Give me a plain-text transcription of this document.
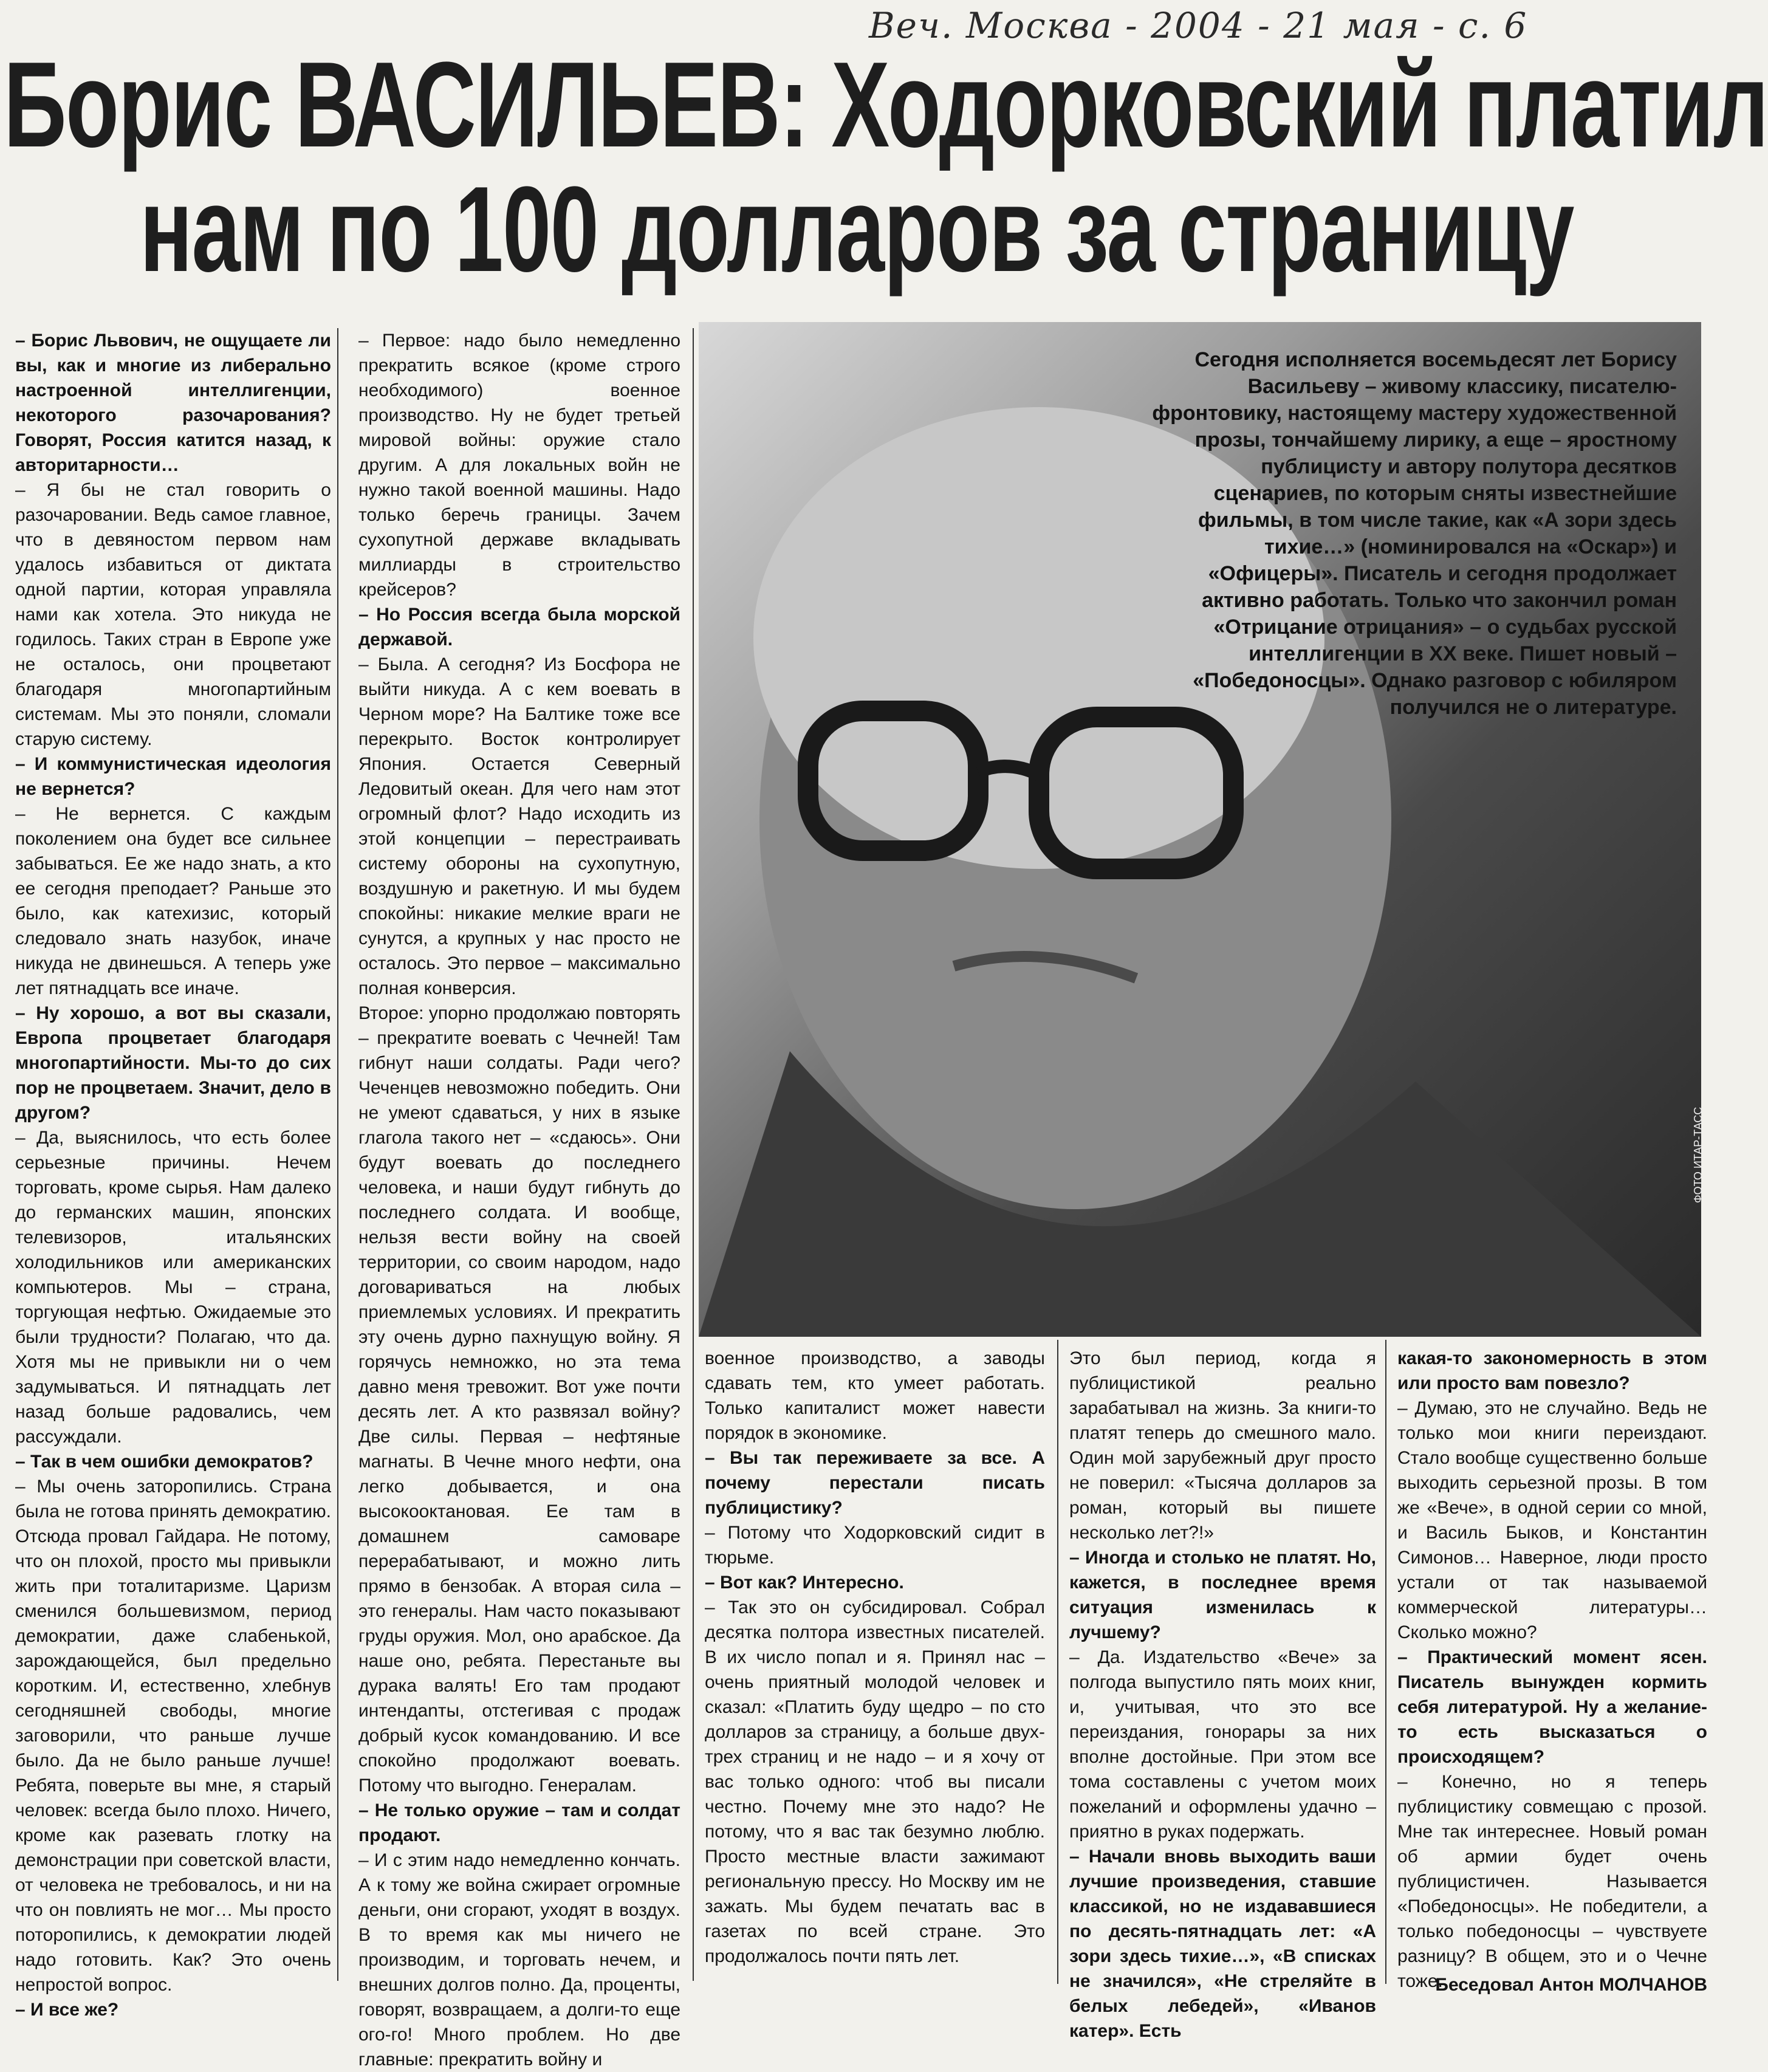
Веч. Москва - 2004 - 21 мая - с. 6
Борис ВАСИЛЬЕВ: Ходорковский платил
нам по 100 долларов за страницу

– Борис Львович, не ощущаете ли вы, как и многие из либерально настроенной интеллигенции, некоторого разочарования? Говорят, Россия катится назад, к авторитарности…

– Я бы не стал говорить о разочаровании. Ведь самое главное, что в девяностом первом нам удалось избавиться от диктата одной партии, которая управляла нами как хотела. Это никуда не годилось. Таких стран в Европе уже не осталось, они процветают благодаря многопартийным системам. Мы это поняли, сломали старую систему.

– И коммунистическая идеология не вернется?

– Не вернется. С каждым поколением она будет все сильнее забываться. Ее же надо знать, а кто ее сегодня преподает? Раньше это было, как катехизис, который следовало знать назубок, иначе никуда не двинешься. А теперь уже лет пятнадцать все иначе.

– Ну хорошо, а вот вы сказали, Европа процветает благодаря многопартийности. Мы-то до сих пор не процветаем. Значит, дело в другом?

– Да, выяснилось, что есть более серьезные причины. Нечем торговать, кроме сырья. Нам далеко до германских машин, японских телевизоров, итальянских холодильников или американских компьютеров. Мы – страна, торгующая нефтью. Ожидаемые это были трудности? Полагаю, что да. Хотя мы не привыкли ни о чем задумываться. И пятнадцать лет назад больше радовались, чем рассуждали.

– Так в чем ошибки демократов?

– Мы очень заторопились. Страна была не готова принять демократию. Отсюда провал Гайдара. Не потому, что он плохой, просто мы привыкли жить при тоталитаризме. Царизм сменился большевизмом, период демократии, даже слабенькой, зарождающейся, был предельно коротким. И, естественно, хлебнув сегодняшней свободы, многие заговорили, что раньше лучше было. Да не было раньше лучше! Ребята, поверьте вы мне, я старый человек: всегда было плохо. Ничего, кроме как разевать глотку на демонстрации при советской власти, от человека не требовалось, и ни на что он повлиять не мог… Мы просто поторопились, к демократии людей надо готовить. Как? Это очень непростой вопрос.

– И все же?

– Первое: надо было немедленно прекратить всякое (кроме строго необходимого) военное производство. Ну не будет третьей мировой войны: оружие стало другим. А для локальных войн не нужно такой военной машины. Надо только беречь границы. Зачем сухопутной державе вкладывать миллиарды в строительство крейсеров?

– Но Россия всегда была морской державой.

– Была. А сегодня? Из Босфора не выйти никуда. А с кем воевать в Черном море? На Балтике тоже все перекрыто. Восток контролирует Япония. Остается Северный Ледовитый океан. Для чего нам этот огромный флот? Надо исходить из этой концепции – перестраивать систему обороны на сухопутную, воздушную и ракетную. И мы будем спокойны: никакие мелкие враги не сунутся, а крупных у нас просто не осталось. Это первое – максимально полная конверсия.

Второе: упорно продолжаю повторять – прекратите воевать с Чечней! Там гибнут наши солдаты. Ради чего? Чеченцев невозможно победить. Они не умеют сдаваться, у них в языке глагола такого нет – «сдаюсь». Они будут воевать до последнего человека, и наши будут гибнуть до последнего солдата. И вообще, нельзя вести войну на своей территории, со своим народом, надо договариваться на любых приемлемых условиях. И прекратить эту очень дурно пахнущую войну. Я горячусь немножко, но эта тема давно меня тревожит. Вот уже почти десять лет. А кто развязал войну? Две силы. Первая – нефтяные магнаты. В Чечне много нефти, она легко добывается, и она высокооктановая. Ее там в домашнем самоваре перерабатывают, и можно лить прямо в бензобак. А вторая сила – это генералы. Нам часто показывают груды оружия. Мол, оно арабское. Да наше оно, ребята. Перестаньте вы дурака валять! Его там продают интендanты, отстегивая с продаж добрый кусок командованию. И все спокойно продолжают воевать. Потому что выгодно. Генералам.

– Не только оружие – там и солдат продают.

– И с этим надо немедленно кончать. А к тому же война сжирает огромные деньги, они сгорают, уходят в воздух. В то время как мы ничего не производим, и торговать нечем, и внешних долгов полно. Да, проценты, говорят, возвращаем, а долги-то еще ого-го! Много проблем. Но две главные: прекратить войну и

Сегодня исполняется восемьдесят лет Борису Васильеву – живому классику, писателю-фронтовику, настоящему мастеру художественной прозы, тончайшему лирику, а еще – яростному публицисту и автору полутора десятков сценариев, по которым сняты известнейшие фильмы, в том числе такие, как «А зори здесь тихие…» (номинировался на «Оскар») и «Офицеры». Писатель и сегодня продолжает активно работать. Только что закончил роман «Отрицание отрицания» – о судьбах русской интеллигенции в XX веке. Пишет новый – «Победоносцы». Однако разговор с юбиляром получился не о литературе.
ФОТО ИТАР-ТАСС

военное производство, а заводы сдавать тем, кто умеет работать. Только капиталист может навести порядок в экономике.

– Вы так переживаете за все. А почему перестали писать публицистику?

– Потому что Ходорковский сидит в тюрьме.

– Вот как? Интересно.

– Так это он субсидировал. Собрал десятка полтора известных писателей. В их число попал и я. Принял нас – очень приятный молодой человек и сказал: «Платить буду щедро – по сто долларов за страницу, а больше двух-трех страниц и не надо – и я хочу от вас только одного: чтоб вы писали честно. Почему мне это надо? Не потому, что я вас так безумно люблю. Просто местные власти зажимают региональную прессу. Но Москву им не зажать. Мы будем печатать вас в газетах по всей стране. Это продолжалось почти пять лет.

Это был период, когда я публицистикой реально зарабатывал на жизнь. За книги-то платят теперь до смешного мало. Один мой зарубежный друг просто не поверил: «Тысяча долларов за роман, который вы пишете несколько лет?!»

– Иногда и столько не платят. Но, кажется, в последнее время ситуация изменилась к лучшему?

– Да. Издательство «Вече» за полгода выпустило пять моих книг, и, учитывая, что это все переиздания, гонорары за них вполне достойные. При этом все тома составлены с учетом моих пожеланий и оформлены удачно – приятно в руках подержать.

– Начали вновь выходить ваши лучшие произведения, ставшие классикой, но не издававшиеся по десять-пятнадцать лет: «А зори здесь тихие…», «В списках не значился», «Не стреляйте в белых лебедей», «Иванов катер». Есть

какая-то закономерность в этом или просто вам повезло?

– Думаю, это не случайно. Ведь не только мои книги переиздают. Стало вообще существенно больше выходить серьезной прозы. В том же «Вече», в одной серии со мной, и Василь Быков, и Константин Симонов… Наверное, люди просто устали от так называемой коммерческой литературы… Сколько можно?

– Практический момент ясен. Писатель вынужден кормить себя литературой. Ну а желание-то есть высказаться о происходящем?

– Конечно, но я теперь публицистику совмещаю с прозой. Мне так интереснее. Новый роман об армии будет очень публицистичен. Называется «Победоносцы». Не победители, а только победоносцы – чувствуете разницу? В общем, это и о Чечне тоже.

Беседовал Антон МОЛЧАНОВ
